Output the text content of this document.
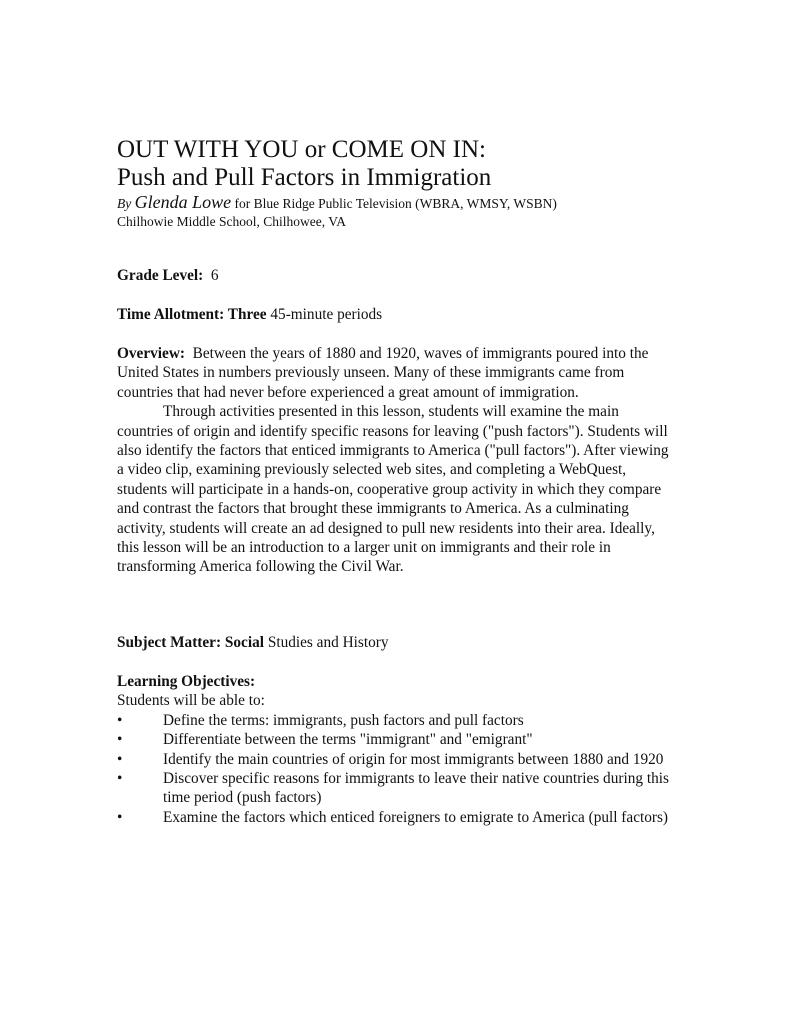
OUT WITH YOU or COME ON IN:
Push and Pull Factors in Immigration
By Glenda Lowe for Blue Ridge Public Television (WBRA, WMSY, WSBN)
Chilhowie Middle School, Chilhowee, VA
Grade Level: 6
Time Allotment: Three 45-minute periods
Overview: Between the years of 1880 and 1920, waves of immigrants poured into the United States in numbers previously unseen. Many of these immigrants came from countries that had never before experienced a great amount of immigration.
Through activities presented in this lesson, students will examine the main countries of origin and identify specific reasons for leaving ("push factors"). Students will also identify the factors that enticed immigrants to America ("pull factors"). After viewing a video clip, examining previously selected web sites, and completing a WebQuest, students will participate in a hands-on, cooperative group activity in which they compare and contrast the factors that brought these immigrants to America. As a culminating activity, students will create an ad designed to pull new residents into their area. Ideally, this lesson will be an introduction to a larger unit on immigrants and their role in transforming America following the Civil War.
Subject Matter: Social Studies and History
Learning Objectives:
Students will be able to:
•	Define the terms: immigrants, push factors and pull factors
•	Differentiate between the terms "immigrant" and "emigrant"
•	Identify the main countries of origin for most immigrants between 1880 and 1920
•	Discover specific reasons for immigrants to leave their native countries during this time period (push factors)
•	Examine the factors which enticed foreigners to emigrate to America (pull factors)
